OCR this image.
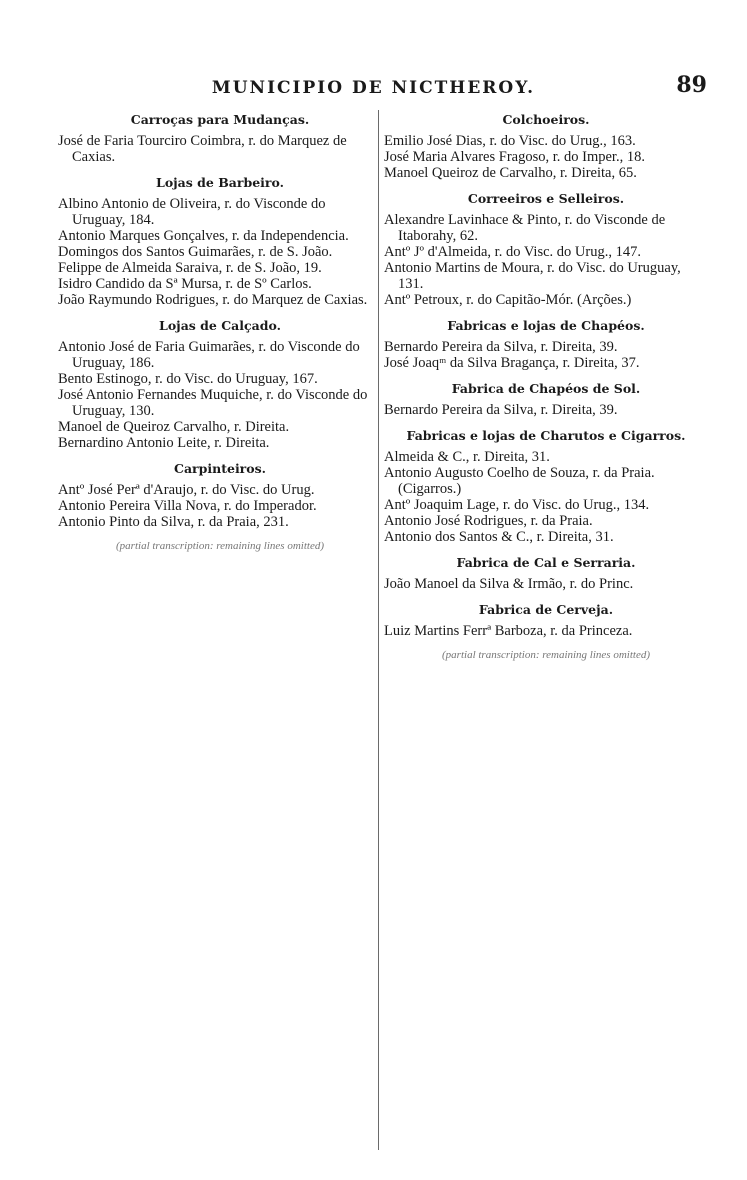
MUNICIPIO DE NICTHEROY.	89
Carroças para Mudanças.

José de Faria Tourciro Coimbra, r. do Marquez de Caxias.

Lojas de Barbeiro.

Albino Antonio de Oliveira, r. do Visconde do Uruguay, 184.

Antonio Marques Gonçalves, r. da Independencia.

Domingos dos Santos Guimarães, r. de S. João.

Felippe de Almeida Saraiva, r. de S. João, 19.

Isidro Candido da Sª Mursa, r. de Sº Carlos.

João Raymundo Rodrigues, r. do Marquez de Caxias.

Lojas de Calçado.

Antonio José de Faria Guimarães, r. do Visconde do Uruguay, 186.

Bento Estinogo, r. do Visc. do Uruguay, 167.

José Antonio Fernandes Muquiche, r. do Visconde do Uruguay, 130.

Manoel de Queiroz Carvalho, r. Direita.

Bernardino Antonio Leite, r. Direita.

Carpinteiros.

Antº José Perª d'Araujo, r. do Visc. do Urug.

Antonio Pereira Villa Nova, r. do Imperador.

Antonio Pinto da Silva, r. da Praia, 231.

(partial transcription: remaining lines omitted)
Colchoeiros.

Emilio José Dias, r. do Visc. do Urug., 163.

José Maria Alvares Fragoso, r. do Imper., 18.

Manoel Queiroz de Carvalho, r. Direita, 65.

Correeiros e Selleiros.

Alexandre Lavinhace & Pinto, r. do Visconde de Itaborahy, 62.

Antº Jº d'Almeida, r. do Visc. do Urug., 147.

Antonio Martins de Moura, r. do Visc. do Uruguay, 131.

Antº Petroux, r. do Capitão-Mór. (Arções.)

Fabricas e lojas de Chapéos.

Bernardo Pereira da Silva, r. Direita, 39.

José Joaqᵐ da Silva Bragança, r. Direita, 37.

Fabrica de Chapéos de Sol.

Bernardo Pereira da Silva, r. Direita, 39.

Fabricas e lojas de Charutos e Cigarros.

Almeida & C., r. Direita, 31.

Antonio Augusto Coelho de Souza, r. da Praia. (Cigarros.)

Antº Joaquim Lage, r. do Visc. do Urug., 134.

Antonio José Rodrigues, r. da Praia.

Antonio dos Santos & C., r. Direita, 31.

Fabrica de Cal e Serraria.

João Manoel da Silva & Irmão, r. do Princ.

Fabrica de Cerveja.

Luiz Martins Ferrª Barboza, r. da Princeza.

(partial transcription: remaining lines omitted)
